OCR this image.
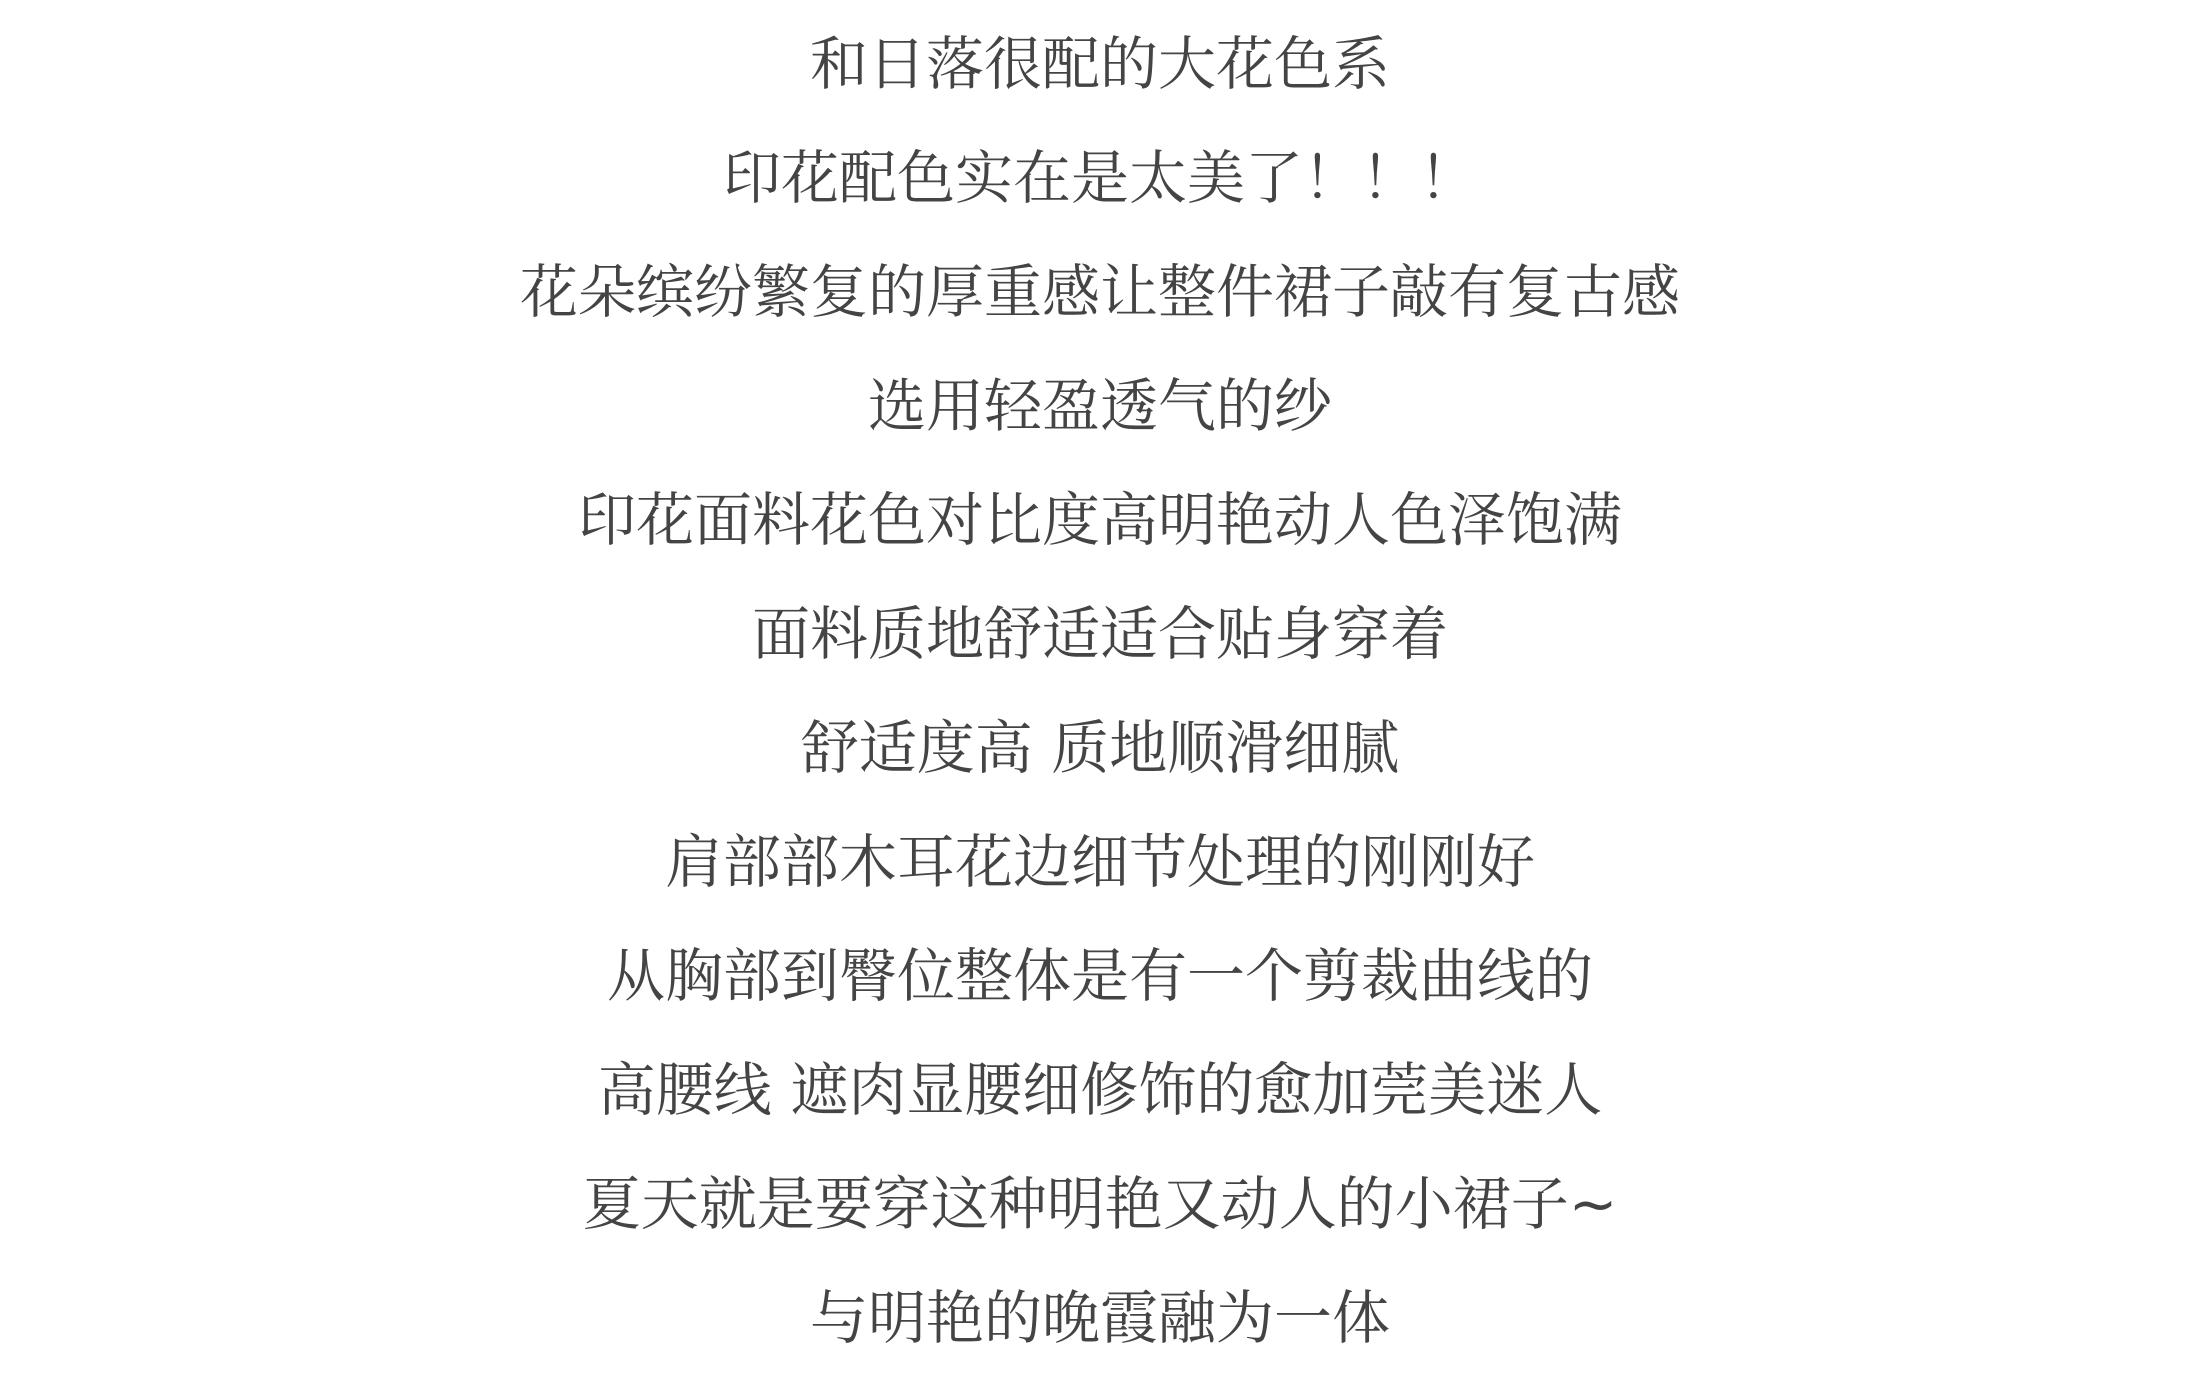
和日落很配的大花色系

印花配色实在是太美了！！！

花朵缤纷繁复的厚重感让整件裙子敲有复古感

选用轻盈透气的纱

印花面料花色对比度高明艳动人色泽饱满

面料质地舒适适合贴身穿着

舒适度高 质地顺滑细腻

肩部部木耳花边细节处理的刚刚好

从胸部到臀位整体是有一个剪裁曲线的

高腰线 遮肉显腰细修饰的愈加莞美迷人

夏天就是要穿这种明艳又动人的小裙子~

与明艳的晚霞融为一体
